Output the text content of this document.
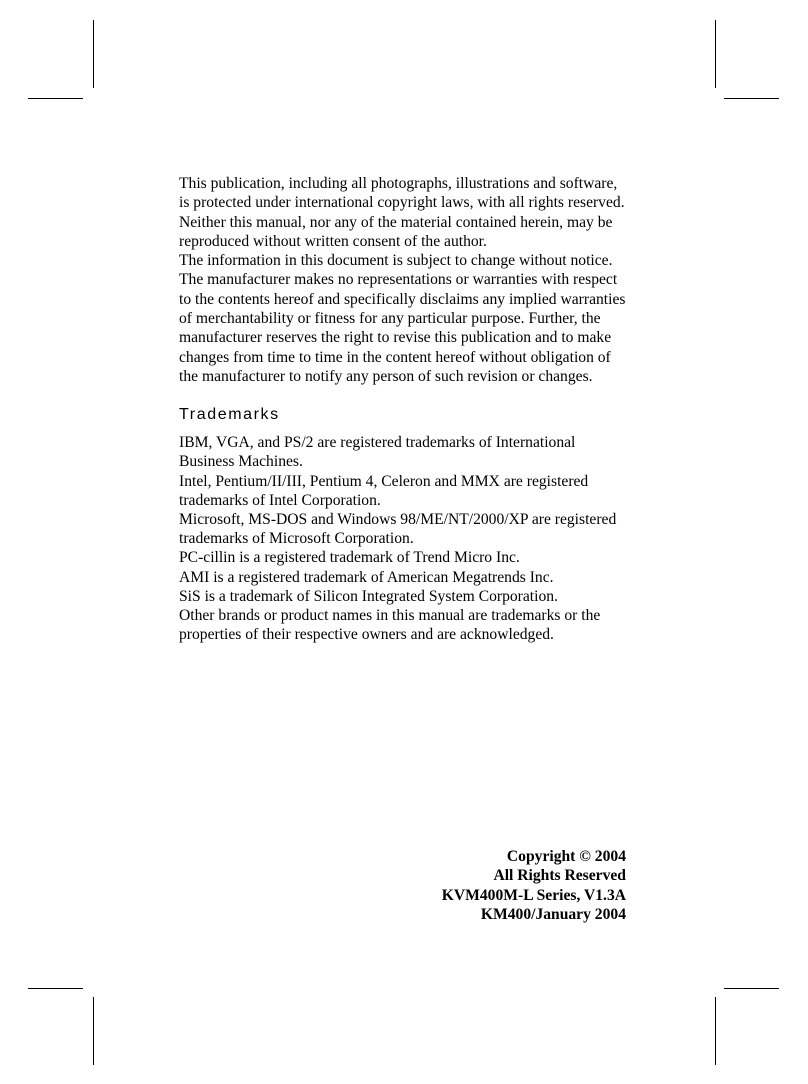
This publication, including all photographs, illustrations and software, is protected under international copyright laws, with all rights reserved. Neither this manual, nor any of the material contained herein, may be reproduced without written consent of the author.

The information in this document is subject to change without notice. The manufacturer makes no representations or warranties with respect to the contents hereof and specifically disclaims any implied warranties of merchantability or fitness for any particular purpose. Further, the manufacturer reserves the right to revise this publication and to make changes from time to time in the content hereof without obligation of the manufacturer to notify any person of such revision or changes.

Trademarks

IBM, VGA, and PS/2 are registered trademarks of International Business Machines.

Intel, Pentium/II/III, Pentium 4, Celeron and MMX are registered trademarks of Intel Corporation.

Microsoft, MS-DOS and Windows 98/ME/NT/2000/XP are registered trademarks of Microsoft Corporation.

PC-cillin is a registered trademark of Trend Micro Inc.

AMI is a registered trademark of American Megatrends Inc.

SiS is a trademark of Silicon Integrated System Corporation.

Other brands or product names in this manual are trademarks or the properties of their respective owners and are acknowledged.

Copyright © 2004
All Rights Reserved
KVM400M-L Series, V1.3A
KM400/January 2004
